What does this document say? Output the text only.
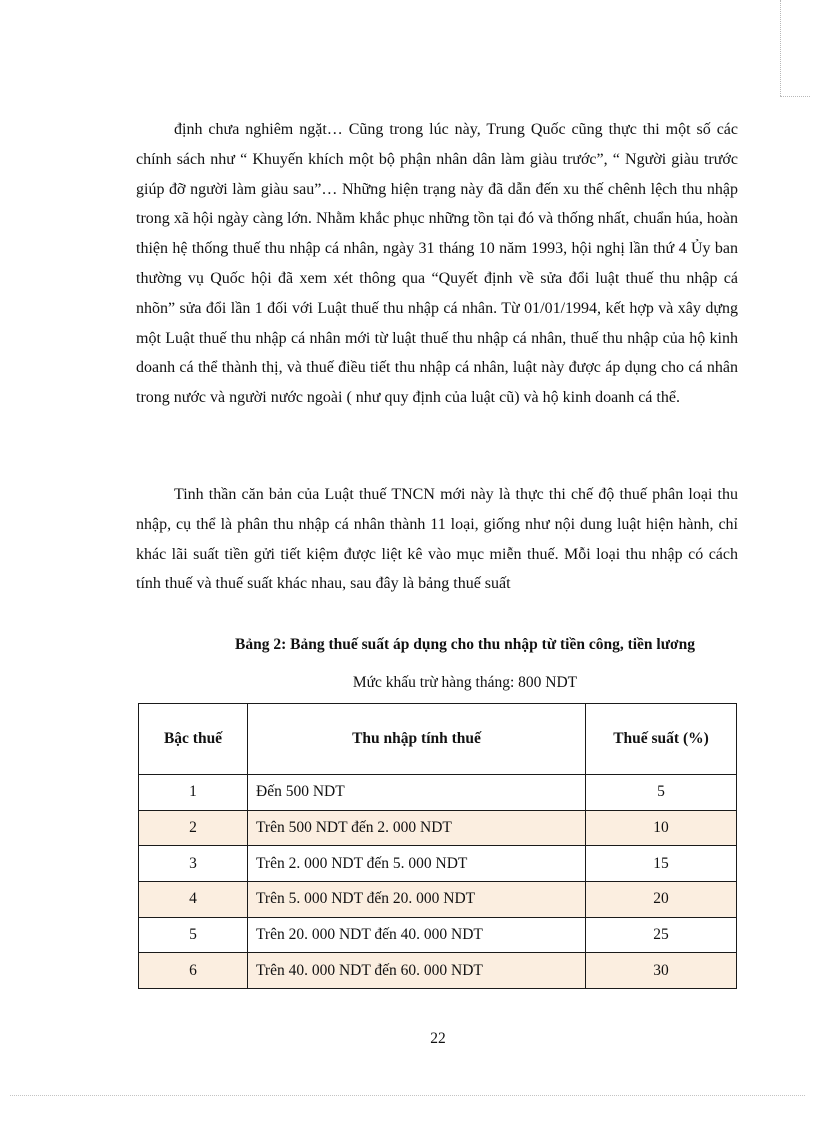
định chưa nghiêm ngặt… Cũng trong lúc này, Trung Quốc cũng thực thi một số các chính sách như “ Khuyến khích một bộ phận nhân dân làm giàu trước”, “ Người giàu trước giúp đỡ người làm giàu sau”… Những hiện trạng này đã dẫn đến xu thế chênh lệch thu nhập trong xã hội ngày càng lớn. Nhằm khắc phục những tồn tại đó và thống nhất, chuẩn húa, hoàn thiện hệ thống thuế thu nhập cá nhân, ngày 31 tháng 10 năm 1993, hội nghị lần thứ 4 Ủy ban thường vụ Quốc hội đã xem xét thông qua “Quyết định về sửa đổi luật thuế thu nhập cá nhõn” sửa đổi lần 1 đối với Luật thuế thu nhập cá nhân. Từ 01/01/1994, kết hợp và xây dựng một Luật thuế thu nhập cá nhân mới từ luật thuế thu nhập cá nhân, thuế thu nhập của hộ kinh doanh cá thể thành thị, và thuế điều tiết thu nhập cá nhân, luật này được áp dụng cho cá nhân trong nước và người nước ngoài ( như quy định của luật cũ) và hộ kinh doanh cá thể.

Tinh thần căn bản của Luật thuế TNCN mới này là thực thi chế độ thuế phân loại thu nhập, cụ thể là phân thu nhập cá nhân thành 11 loại, giống như nội dung luật hiện hành, chỉ khác lãi suất tiền gửi tiết kiệm được liệt kê vào mục miễn thuế. Mỗi loại thu nhập có cách tính thuế và thuế suất khác nhau, sau đây là bảng thuế suất

Bảng 2: Bảng thuế suất áp dụng cho thu nhập từ tiền công, tiền lương
Mức khấu trừ hàng tháng: 800 NDT
Bậc thuế	Thu nhập tính thuế	Thuế suất (%)
1	Đến 500 NDT	5
2	Trên 500 NDT đến 2. 000 NDT	10
3	Trên 2. 000 NDT đến 5. 000 NDT	15
4	Trên 5. 000 NDT đến 20. 000 NDT	20
5	Trên 20. 000 NDT đến 40. 000 NDT	25
6	Trên 40. 000 NDT đến 60. 000 NDT	30
22
